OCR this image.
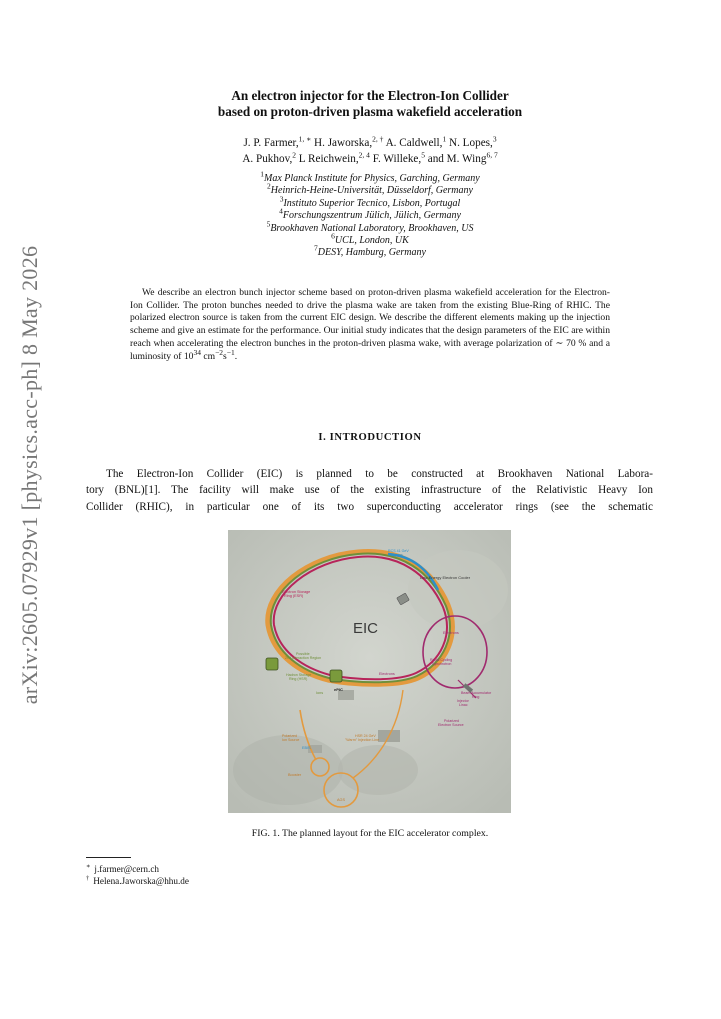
arXiv:2605.07929v1 [physics.acc-ph] 8 May 2026
An electron injector for the Electron-Ion Collider
based on proton-driven plasma wakefield acceleration
J. P. Farmer,$^{1, ∗}$ H. Jaworska,$^{2, \dagger}$ A. Caldwell,$^1$ N. Lopes,$^3$
A. Pukhov,$^2$ L Reichwein,$^{2, 4}$ F. Willeke,$^5$ and M. Wing$^{6, 7}$
$^1$Max Planck Institute for Physics, Garching, Germany
$^2$Heinrich-Heine-Universität, Düsseldorf, Germany
$^3$Instituto Superior Tecnico, Lisbon, Portugal
$^4$Forschungszentrum Jülich, Jülich, Germany
$^5$Brookhaven National Laboratory, Brookhaven, US
$^6$UCL, London, UK
$^7$DESY, Hamburg, Germany

We describe an electron bunch injector scheme based on proton-driven plasma wakefield acceleration for the Electron-Ion Collider. The proton bunches needed to drive the plasma wake are taken from the existing Blue-Ring of RHIC. The polarized electron source is taken from the current EIC design. We describe the different elements making up the injection scheme and give an estimate for the performance. Our initial study indicates that the design parameters of the EIC are within reach when accelerating the electron bunches in the proton-driven plasma wake, with average polarization of ∼ 70 % and a luminosity of $10^{34}$ $cm^{-2}s^{-1}$.

I. INTRODUCTION
The Electron-Ion Collider (EIC) is planned to be constructed at Brookhaven National Labora-
tory (BNL)[1]. The facility will make use of the existing infrastructure of the Relativistic Heavy Ion
Collider (RHIC), in particular one of its two superconducting accelerator rings (see the schematic
EIC
RCS 41 GeV
Bypass
Low-Energy Electron Cooler
Electron Storage
Ring (ESR)
Possible
2nd Interaction Region
Hadron Storage
Ring (HSR)
Electrons
Electrons
Rapid Cycling
Synchrotron
Ions
ePIC
Beam Accumulator
Ring
Injector
Linac
Polarized
Electron Source
Polarized
Ion Source
EBIS
HSR 24 GeV
"Warm" Injection Line
Booster
AGS
FIG. 1. The planned layout for the EIC accelerator complex.
∗ j.farmer@cern.ch
† Helena.Jaworska@hhu.de
